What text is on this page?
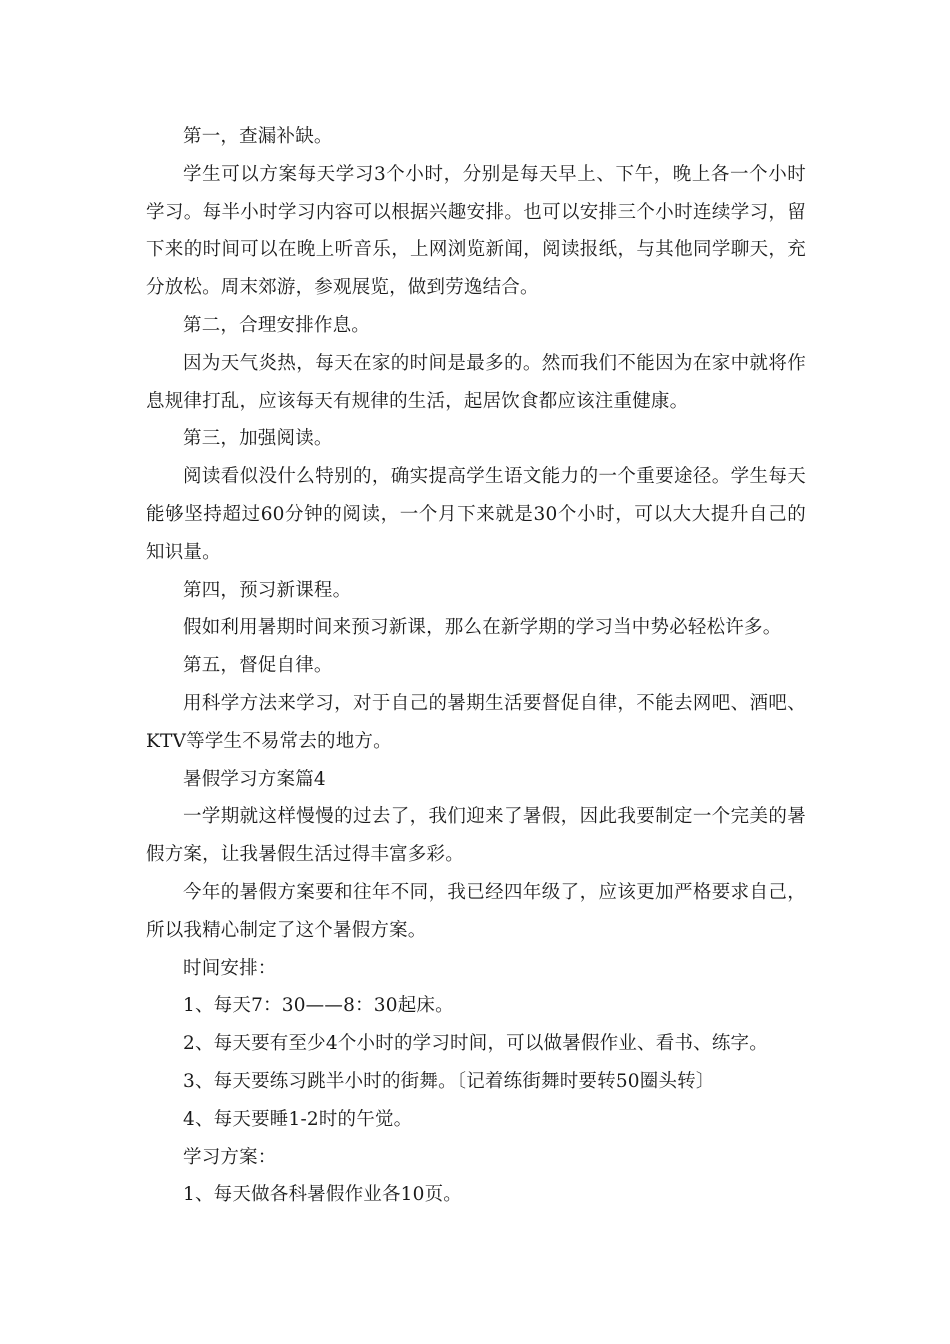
第一，查漏补缺。

学生可以方案每天学习3个小时，分别是每天早上、下午，晚上各一个小时学习。每半小时学习内容可以根据兴趣安排。也可以安排三个小时连续学习，留下来的时间可以在晚上听音乐，上网浏览新闻，阅读报纸，与其他同学聊天，充分放松。周末郊游，参观展览，做到劳逸结合。

第二，合理安排作息。

因为天气炎热，每天在家的时间是最多的。然而我们不能因为在家中就将作息规律打乱，应该每天有规律的生活，起居饮食都应该注重健康。

第三，加强阅读。

阅读看似没什么特别的，确实提高学生语文能力的一个重要途径。学生每天能够坚持超过60分钟的阅读，一个月下来就是30个小时，可以大大提升自己的知识量。

第四，预习新课程。

假如利用暑期时间来预习新课，那么在新学期的学习当中势必轻松许多。

第五，督促自律。

用科学方法来学习，对于自己的暑期生活要督促自律，不能去网吧、酒吧、KTV等学生不易常去的地方。

暑假学习方案篇4

一学期就这样慢慢的过去了，我们迎来了暑假，因此我要制定一个完美的暑假方案，让我暑假生活过得丰富多彩。

今年的暑假方案要和往年不同，我已经四年级了，应该更加严格要求自己，所以我精心制定了这个暑假方案。

时间安排：

1、每天7：30——8：30起床。

2、每天要有至少4个小时的学习时间，可以做暑假作业、看书、练字。

3、每天要练习跳半小时的街舞。〔记着练街舞时要转50圈头转〕

4、每天要睡1-2时的午觉。

学习方案：

1、每天做各科暑假作业各10页。
